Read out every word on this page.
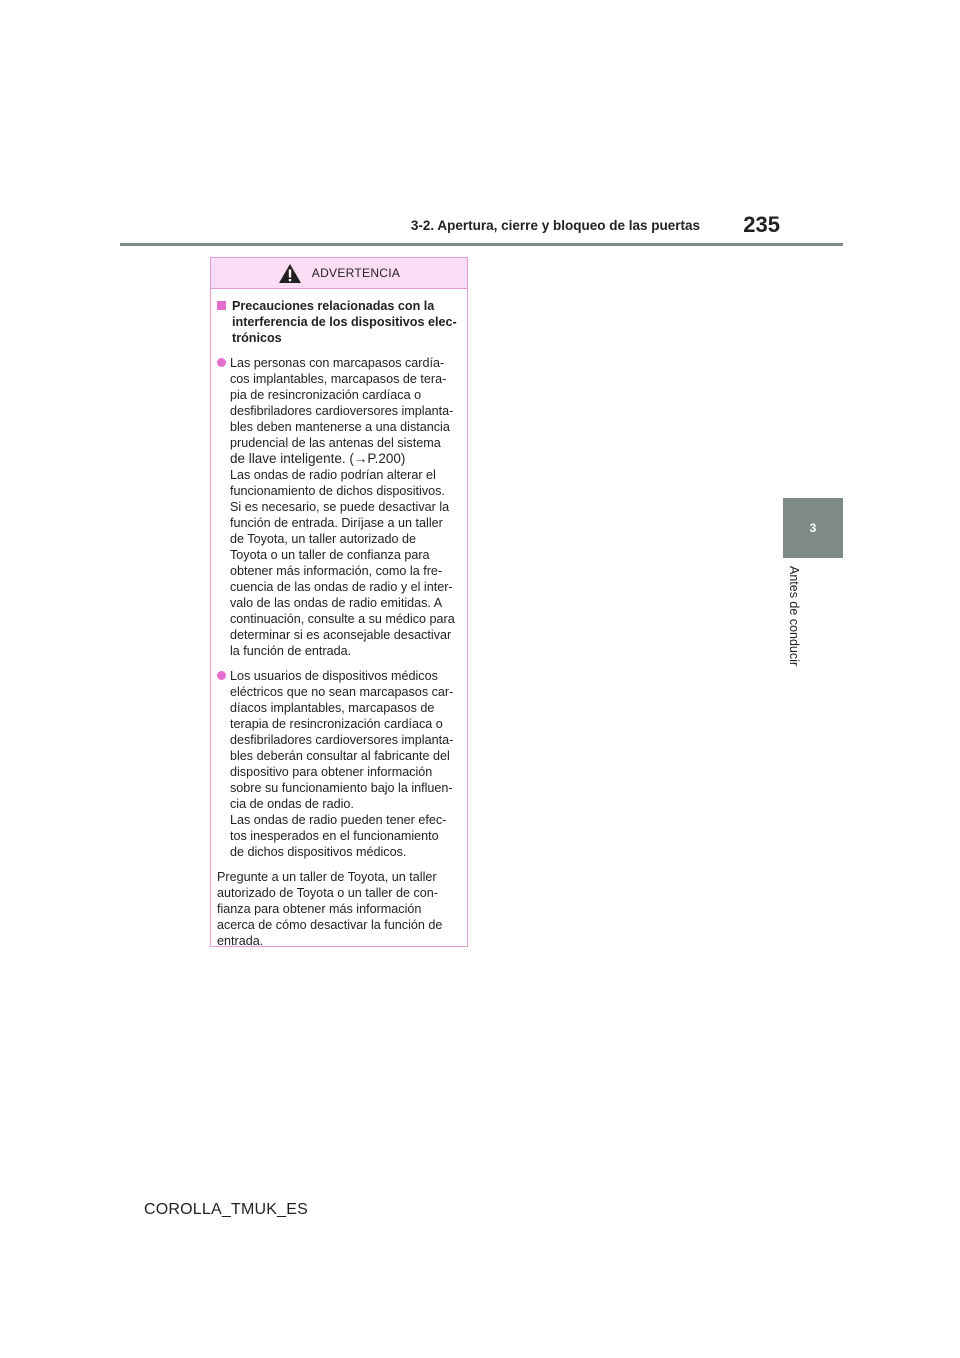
3-2. Apertura, cierre y bloqueo de las puertas	235
3
Antes de conducir
ADVERTENCIA

Precauciones relacionadas con la

interferencia de los dispositivos elec-

trónicos

Las personas con marcapasos cardía-

cos implantables, marcapasos de tera-

pia de resincronización cardíaca o

desfibriladores cardioversores implanta-

bles deben mantenerse a una distancia

prudencial de las antenas del sistema

de llave inteligente. (→P.200)

Las ondas de radio podrían alterar el

funcionamiento de dichos dispositivos.

Si es necesario, se puede desactivar la

función de entrada. Diríjase a un taller

de Toyota, un taller autorizado de

Toyota o un taller de confianza para

obtener más información, como la fre-

cuencia de las ondas de radio y el inter-

valo de las ondas de radio emitidas. A

continuación, consulte a su médico para

determinar si es aconsejable desactivar

la función de entrada.

Los usuarios de dispositivos médicos

eléctricos que no sean marcapasos car-

díacos implantables, marcapasos de

terapia de resincronización cardíaca o

desfibriladores cardioversores implanta-

bles deberán consultar al fabricante del

dispositivo para obtener información

sobre su funcionamiento bajo la influen-

cia de ondas de radio.

Las ondas de radio pueden tener efec-

tos inesperados en el funcionamiento

de dichos dispositivos médicos.

Pregunte a un taller de Toyota, un taller

autorizado de Toyota o un taller de con-

fianza para obtener más información

acerca de cómo desactivar la función de

entrada.

COROLLA_TMUK_ES
